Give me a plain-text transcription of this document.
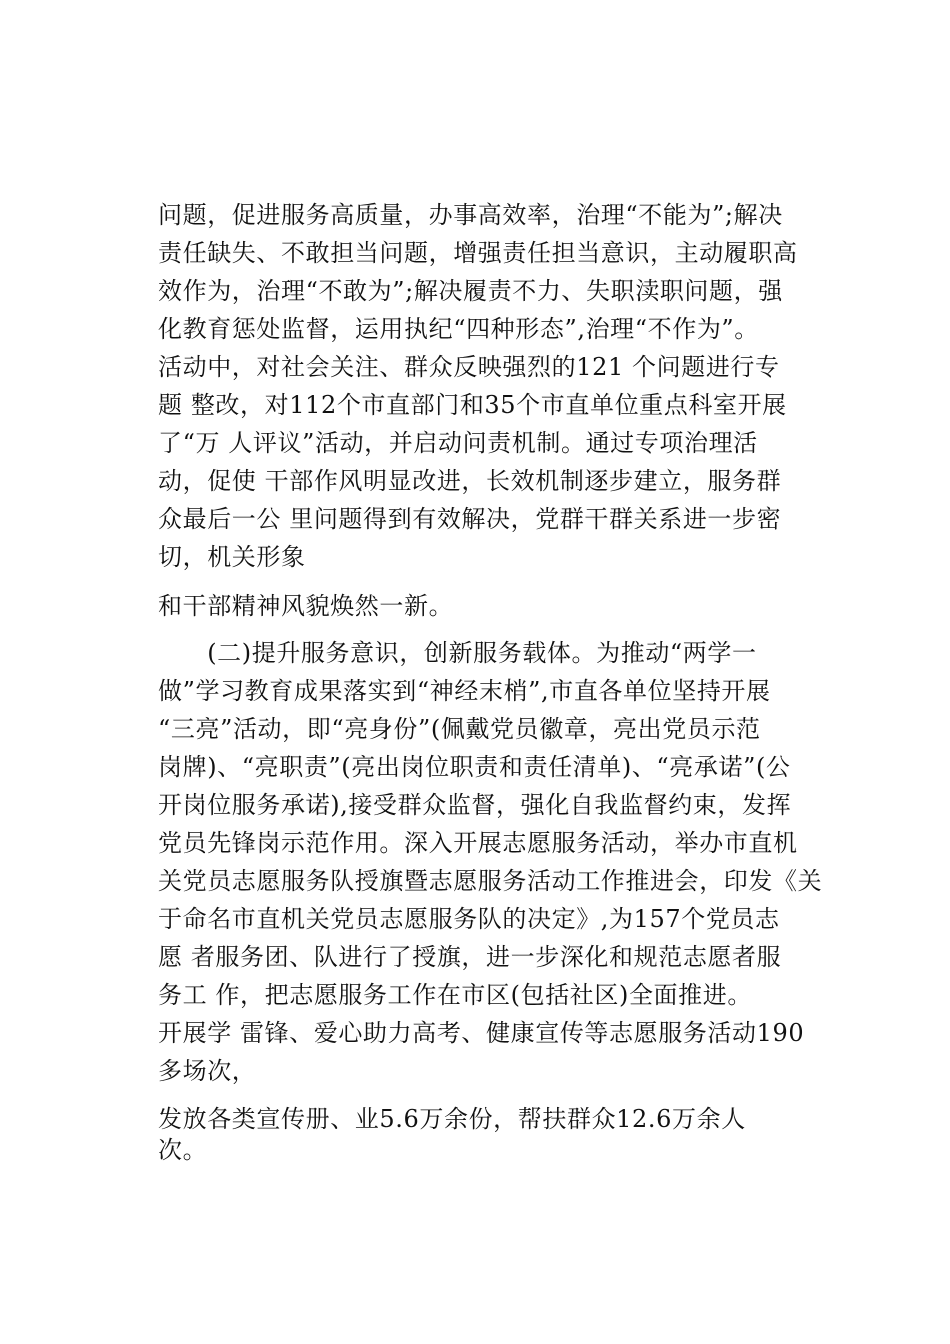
问题，促进服务高质量，办事高效率，治理“不能为”;解决
责任缺失、不敢担当问题，增强责任担当意识，主动履职高
效作为，治理“不敢为”;解决履责不力、失职渎职问题，强
化教育惩处监督，运用执纪“四种形态”,治理“不作为”。
活动中，对社会关注、群众反映强烈的121 个问题进行专
题 整改，对112个市直部门和35个市直单位重点科室开展
了“万 人评议”活动，并启动问责机制。通过专项治理活
动，促使 干部作风明显改进，长效机制逐步建立，服务群
众最后一公 里问题得到有效解决，党群干群关系进一步密
切，机关形象
和干部精神风貌焕然一新。
　　(二)提升服务意识，创新服务载体。为推动“两学一
做”学习教育成果落实到“神经末梢”,市直各单位坚持开展
“三亮”活动，即“亮身份”(佩戴党员徽章，亮出党员示范
岗牌)、“亮职责”(亮出岗位职责和责任清单)、“亮承诺”(公
开岗位服务承诺),接受群众监督，强化自我监督约束，发挥
党员先锋岗示范作用。深入开展志愿服务活动，举办市直机
关党员志愿服务队授旗暨志愿服务活动工作推进会，印发《关
于命名市直机关党员志愿服务队的决定》,为157个党员志
愿 者服务团、队进行了授旗，进一步深化和规范志愿者服
务工 作，把志愿服务工作在市区(包括社区)全面推进。
开展学 雷锋、爱心助力高考、健康宣传等志愿服务活动190
多场次，
发放各类宣传册、业5.6万余份，帮扶群众12.6万余人
次。
